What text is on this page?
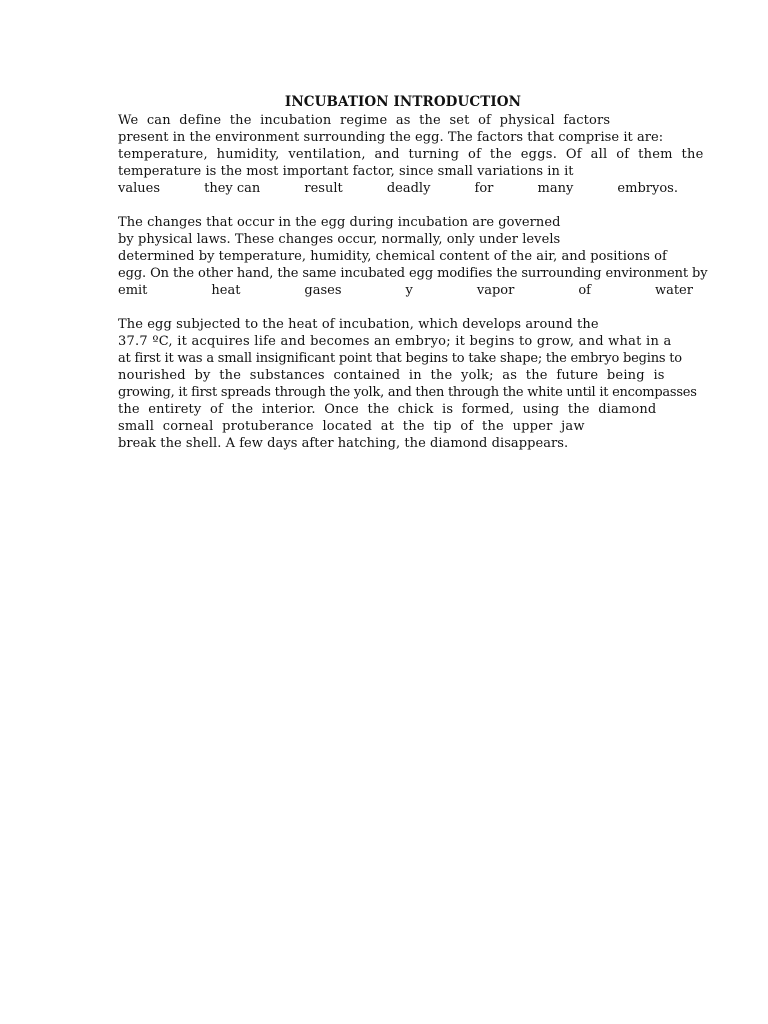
INCUBATION INTRODUCTION
We  can  define  the  incubation  regime  as  the  set  of  physical  factors
present in the environment surrounding the egg. The factors that comprise it are:
temperature,  humidity,  ventilation,  and  turning  of  the  eggs.  Of  all  of  them  the
temperature is the most important factor, since small variations in it
values	they can	result	deadly	for	many	embryos.
The changes that occur in the egg during incubation are governed
by physical laws. These changes occur, normally, only under levels
determined by temperature, humidity, chemical content of the air, and positions of
egg. On the other hand, the same incubated egg modifies the surrounding environment by
emit	heat	gases	y	vapor	of	water
The egg subjected to the heat of incubation, which develops around the
37.7 ºC, it acquires life and becomes an embryo; it begins to grow, and what in a
at first it was a small insignificant point that begins to take shape; the embryo begins to
nourished  by  the  substances  contained  in  the  yolk;  as  the  future  being  is
growing, it first spreads through the yolk, and then through the white until it encompasses
the  entirety  of  the  interior.  Once  the  chick  is  formed,  using  the  diamond
small  corneal  protuberance  located  at  the  tip  of  the  upper  jaw
break the shell. A few days after hatching, the diamond disappears.
